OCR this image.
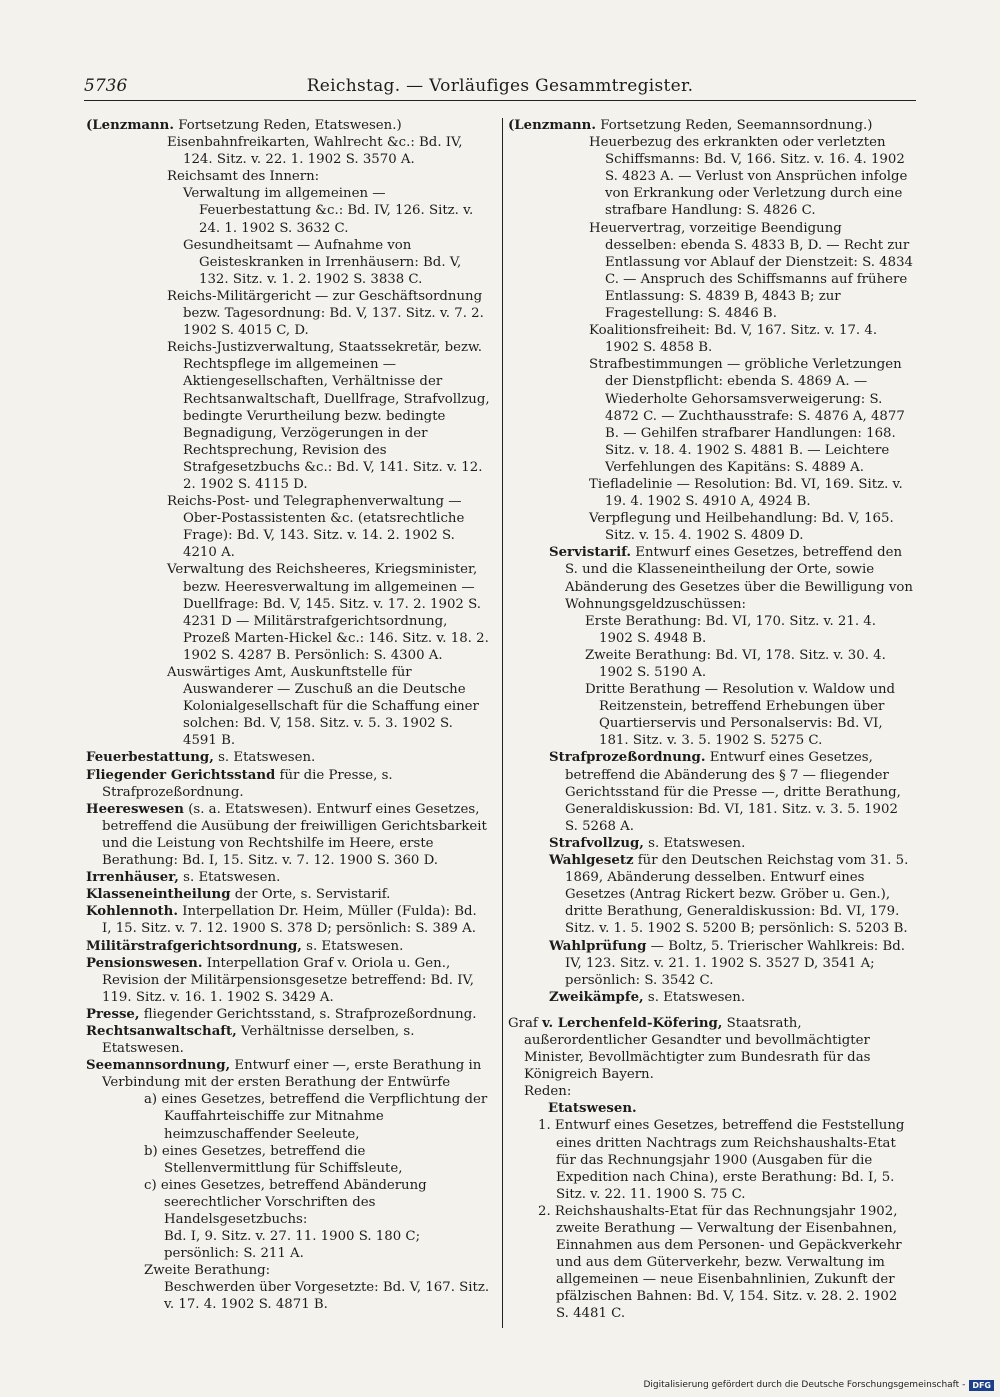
5736	Reichstag. — Vorläufiges Gesammtregister.
(Lenzmann. Fortsetzung Reden, Etatswesen.)
Eisenbahnfreikarten, Wahlrecht &c.: Bd. IV, 124. Sitz. v. 22. 1. 1902 S. 3570 A.
Reichsamt des Innern:
Verwaltung im allgemeinen — Feuerbestattung &c.: Bd. IV, 126. Sitz. v. 24. 1. 1902 S. 3632 C.
Gesundheitsamt — Aufnahme von Geisteskranken in Irrenhäusern: Bd. V, 132. Sitz. v. 1. 2. 1902 S. 3838 C.
Reichs-Militärgericht — zur Geschäftsordnung bezw. Tagesordnung: Bd. V, 137. Sitz. v. 7. 2. 1902 S. 4015 C, D.
Reichs-Justizverwaltung, Staatssekretär, bezw. Rechtspflege im allgemeinen — Aktiengesellschaften, Verhältnisse der Rechtsanwaltschaft, Duellfrage, Strafvollzug, bedingte Verurtheilung bezw. bedingte Begnadigung, Verzögerungen in der Rechtsprechung, Revision des Strafgesetzbuchs &c.: Bd. V, 141. Sitz. v. 12. 2. 1902 S. 4115 D.
Reichs-Post- und Telegraphenverwaltung — Ober-Postassistenten &c. (etatsrechtliche Frage): Bd. V, 143. Sitz. v. 14. 2. 1902 S. 4210 A.
Verwaltung des Reichsheeres, Kriegsminister, bezw. Heeresverwaltung im allgemeinen — Duellfrage: Bd. V, 145. Sitz. v. 17. 2. 1902 S. 4231 D — Militärstrafgerichtsordnung, Prozeß Marten-Hickel &c.: 146. Sitz. v. 18. 2. 1902 S. 4287 B. Persönlich: S. 4300 A.
Auswärtiges Amt, Auskunftstelle für Auswanderer — Zuschuß an die Deutsche Kolonialgesellschaft für die Schaffung einer solchen: Bd. V, 158. Sitz. v. 5. 3. 1902 S. 4591 B.
Feuerbestattung, s. Etatswesen.
Fliegender Gerichtsstand für die Presse, s. Strafprozeßordnung.
Heereswesen (s. a. Etatswesen). Entwurf eines Gesetzes, betreffend die Ausübung der freiwilligen Gerichtsbarkeit und die Leistung von Rechtshilfe im Heere, erste Berathung: Bd. I, 15. Sitz. v. 7. 12. 1900 S. 360 D.
Irrenhäuser, s. Etatswesen.
Klasseneintheilung der Orte, s. Servistarif.
Kohlennoth. Interpellation Dr. Heim, Müller (Fulda): Bd. I, 15. Sitz. v. 7. 12. 1900 S. 378 D; persönlich: S. 389 A.
Militärstrafgerichtsordnung, s. Etatswesen.
Pensionswesen. Interpellation Graf v. Oriola u. Gen., Revision der Militärpensionsgesetze betreffend: Bd. IV, 119. Sitz. v. 16. 1. 1902 S. 3429 A.
Presse, fliegender Gerichtsstand, s. Strafprozeßordnung.
Rechtsanwaltschaft, Verhältnisse derselben, s. Etatswesen.
Seemannsordnung, Entwurf einer —, erste Berathung in Verbindung mit der ersten Berathung der Entwürfe
a) eines Gesetzes, betreffend die Verpflichtung der Kauffahrteischiffe zur Mitnahme heimzuschaffender Seeleute,
b) eines Gesetzes, betreffend die Stellenvermittlung für Schiffsleute,
c) eines Gesetzes, betreffend Abänderung seerechtlicher Vorschriften des Handelsgesetzbuchs:
Bd. I, 9. Sitz. v. 27. 11. 1900 S. 180 C; persönlich: S. 211 A.
Zweite Berathung:
Beschwerden über Vorgesetzte: Bd. V, 167. Sitz. v. 17. 4. 1902 S. 4871 B.
(Lenzmann. Fortsetzung Reden, Seemannsordnung.)
Heuerbezug des erkrankten oder verletzten Schiffsmanns: Bd. V, 166. Sitz. v. 16. 4. 1902 S. 4823 A. — Verlust von Ansprüchen infolge von Erkrankung oder Verletzung durch eine strafbare Handlung: S. 4826 C.
Heuervertrag, vorzeitige Beendigung desselben: ebenda S. 4833 B, D. — Recht zur Entlassung vor Ablauf der Dienstzeit: S. 4834 C. — Anspruch des Schiffsmanns auf frühere Entlassung: S. 4839 B, 4843 B; zur Fragestellung: S. 4846 B.
Koalitionsfreiheit: Bd. V, 167. Sitz. v. 17. 4. 1902 S. 4858 B.
Strafbestimmungen — gröbliche Verletzungen der Dienstpflicht: ebenda S. 4869 A. — Wiederholte Gehorsamsverweigerung: S. 4872 C. — Zuchthausstrafe: S. 4876 A, 4877 B. — Gehilfen strafbarer Handlungen: 168. Sitz. v. 18. 4. 1902 S. 4881 B. — Leichtere Verfehlungen des Kapitäns: S. 4889 A.
Tiefladelinie — Resolution: Bd. VI, 169. Sitz. v. 19. 4. 1902 S. 4910 A, 4924 B.
Verpflegung und Heilbehandlung: Bd. V, 165. Sitz. v. 15. 4. 1902 S. 4809 D.
Servistarif. Entwurf eines Gesetzes, betreffend den S. und die Klasseneintheilung der Orte, sowie Abänderung des Gesetzes über die Bewilligung von Wohnungsgeldzuschüssen:
Erste Berathung: Bd. VI, 170. Sitz. v. 21. 4. 1902 S. 4948 B.
Zweite Berathung: Bd. VI, 178. Sitz. v. 30. 4. 1902 S. 5190 A.
Dritte Berathung — Resolution v. Waldow und Reitzenstein, betreffend Erhebungen über Quartierservis und Personalservis: Bd. VI, 181. Sitz. v. 3. 5. 1902 S. 5275 C.
Strafprozeßordnung. Entwurf eines Gesetzes, betreffend die Abänderung des § 7 — fliegender Gerichtsstand für die Presse —, dritte Berathung, Generaldiskussion: Bd. VI, 181. Sitz. v. 3. 5. 1902 S. 5268 A.
Strafvollzug, s. Etatswesen.
Wahlgesetz für den Deutschen Reichstag vom 31. 5. 1869, Abänderung desselben. Entwurf eines Gesetzes (Antrag Rickert bezw. Gröber u. Gen.), dritte Berathung, Generaldiskussion: Bd. VI, 179. Sitz. v. 1. 5. 1902 S. 5200 B; persönlich: S. 5203 B.
Wahlprüfung — Boltz, 5. Trierischer Wahlkreis: Bd. IV, 123. Sitz. v. 21. 1. 1902 S. 3527 D, 3541 A; persönlich: S. 3542 C.
Zweikämpfe, s. Etatswesen.
Graf v. Lerchenfeld-Köfering, Staatsrath, außerordentlicher Gesandter und bevollmächtigter Minister, Bevollmächtigter zum Bundesrath für das Königreich Bayern.
Reden:
Etatswesen.
1. Entwurf eines Gesetzes, betreffend die Feststellung eines dritten Nachtrags zum Reichshaushalts-Etat für das Rechnungsjahr 1900 (Ausgaben für die Expedition nach China), erste Berathung: Bd. I, 5. Sitz. v. 22. 11. 1900 S. 75 C.
2. Reichshaushalts-Etat für das Rechnungsjahr 1902, zweite Berathung — Verwaltung der Eisenbahnen, Einnahmen aus dem Personen- und Gepäckverkehr und aus dem Güterverkehr, bezw. Verwaltung im allgemeinen — neue Eisenbahnlinien, Zukunft der pfälzischen Bahnen: Bd. V, 154. Sitz. v. 28. 2. 1902 S. 4481 C.
Digitalisierung gefördert durch die Deutsche Forschungsgemeinschaft - DFG
